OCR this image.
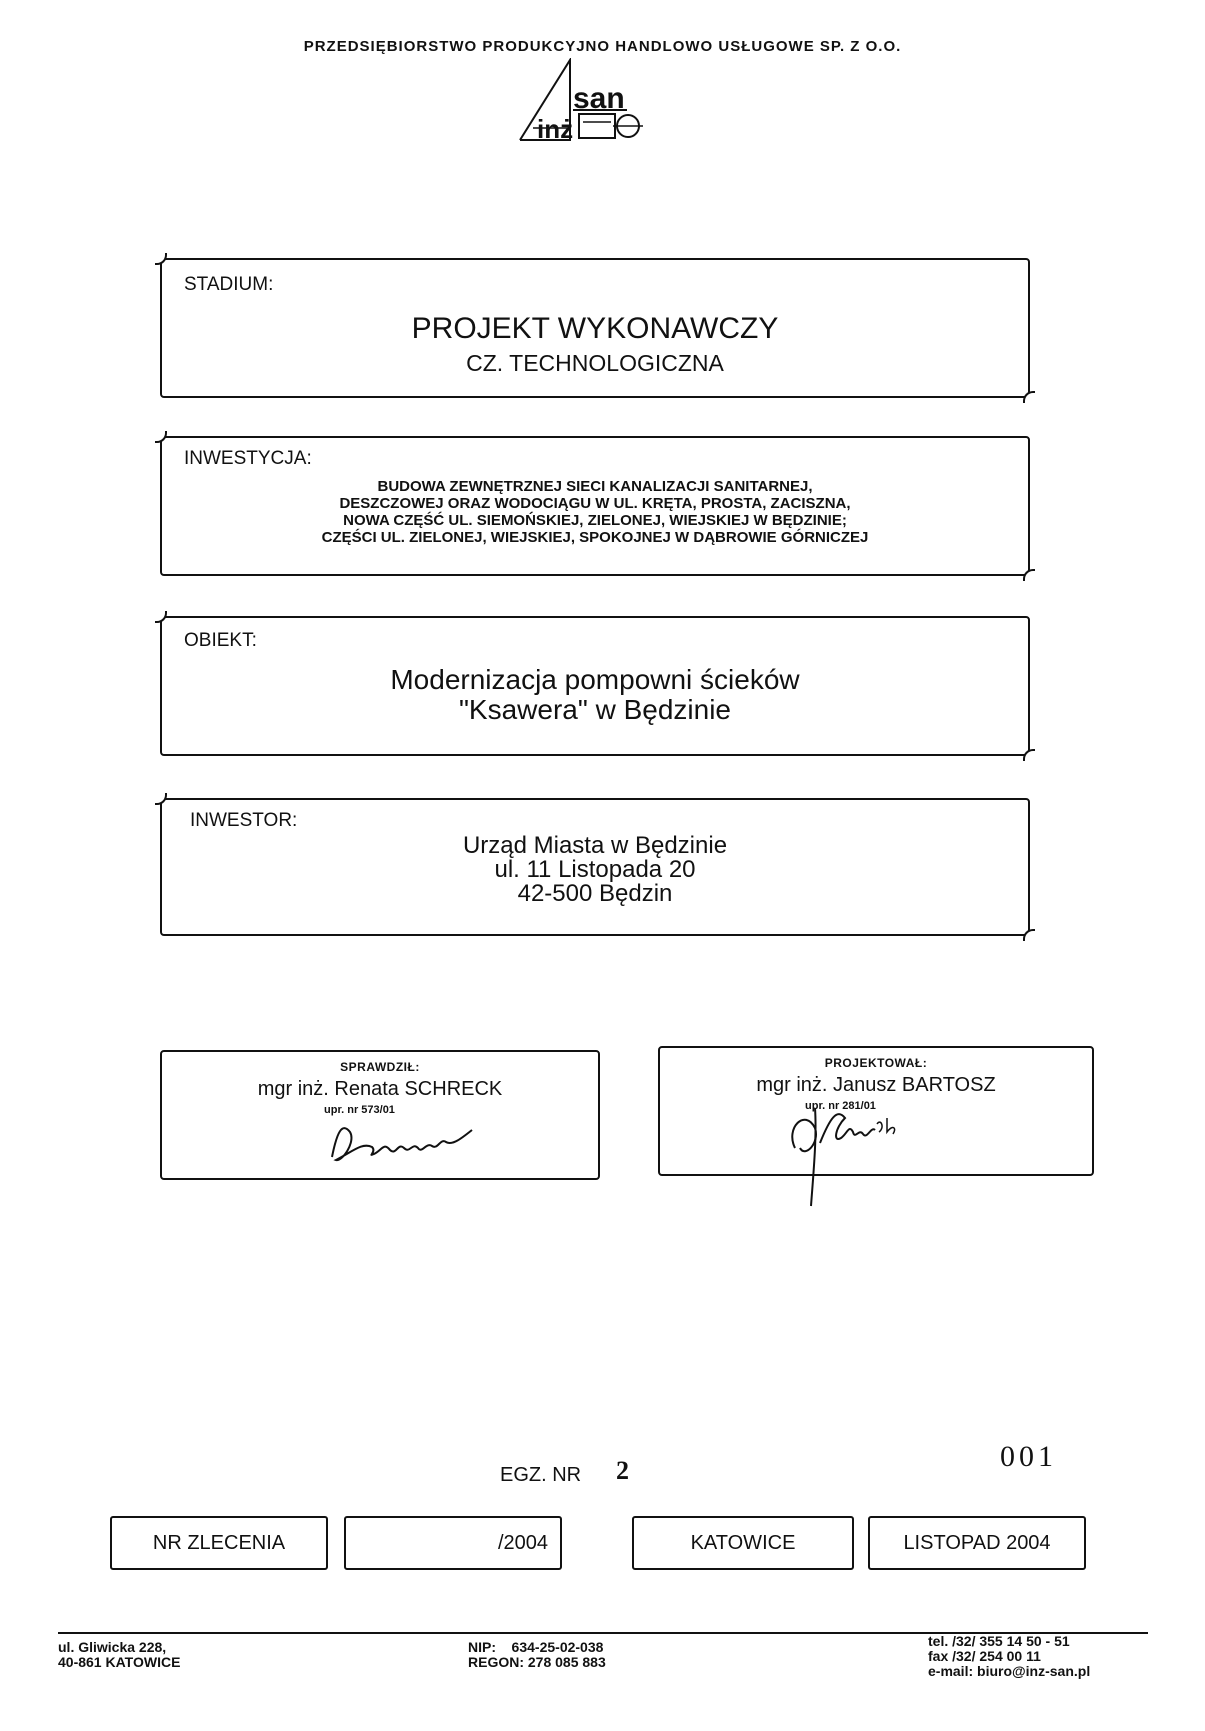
PRZEDSIĘBIORSTWO PRODUKCYJNO HANDLOWO USŁUGOWE SP. Z O.O.
inż
san
STADIUM:
PROJEKT WYKONAWCZY
CZ. TECHNOLOGICZNA
INWESTYCJA:
BUDOWA ZEWNĘTRZNEJ SIECI KANALIZACJI SANITARNEJ,
DESZCZOWEJ ORAZ WODOCIĄGU W UL. KRĘTA, PROSTA, ZACISZNA,
NOWA CZĘŚĆ UL. SIEMOŃSKIEJ, ZIELONEJ, WIEJSKIEJ W BĘDZINIE;
CZĘŚCI UL. ZIELONEJ, WIEJSKIEJ, SPOKOJNEJ W DĄBROWIE GÓRNICZEJ
OBIEKT:
Modernizacja pompowni ścieków
"Ksawera" w Będzinie
INWESTOR:
Urząd Miasta w Będzinie
ul. 11 Listopada 20
42-500 Będzin
SPRAWDZIŁ:
mgr inż. Renata SCHRECK
upr. nr 573/01
PROJEKTOWAŁ:
mgr inż. Janusz BARTOSZ
upr. nr 281/01
EGZ. NR 2	001
NR ZLECENIA	/2004	KATOWICE	LISTOPAD 2004
ul. Gliwicka 228,
40-861 KATOWICE
NIP:    634-25-02-038
REGON: 278 085 883
tel. /32/ 355 14 50 - 51
fax /32/ 254 00 11
e-mail: biuro@inz-san.pl
